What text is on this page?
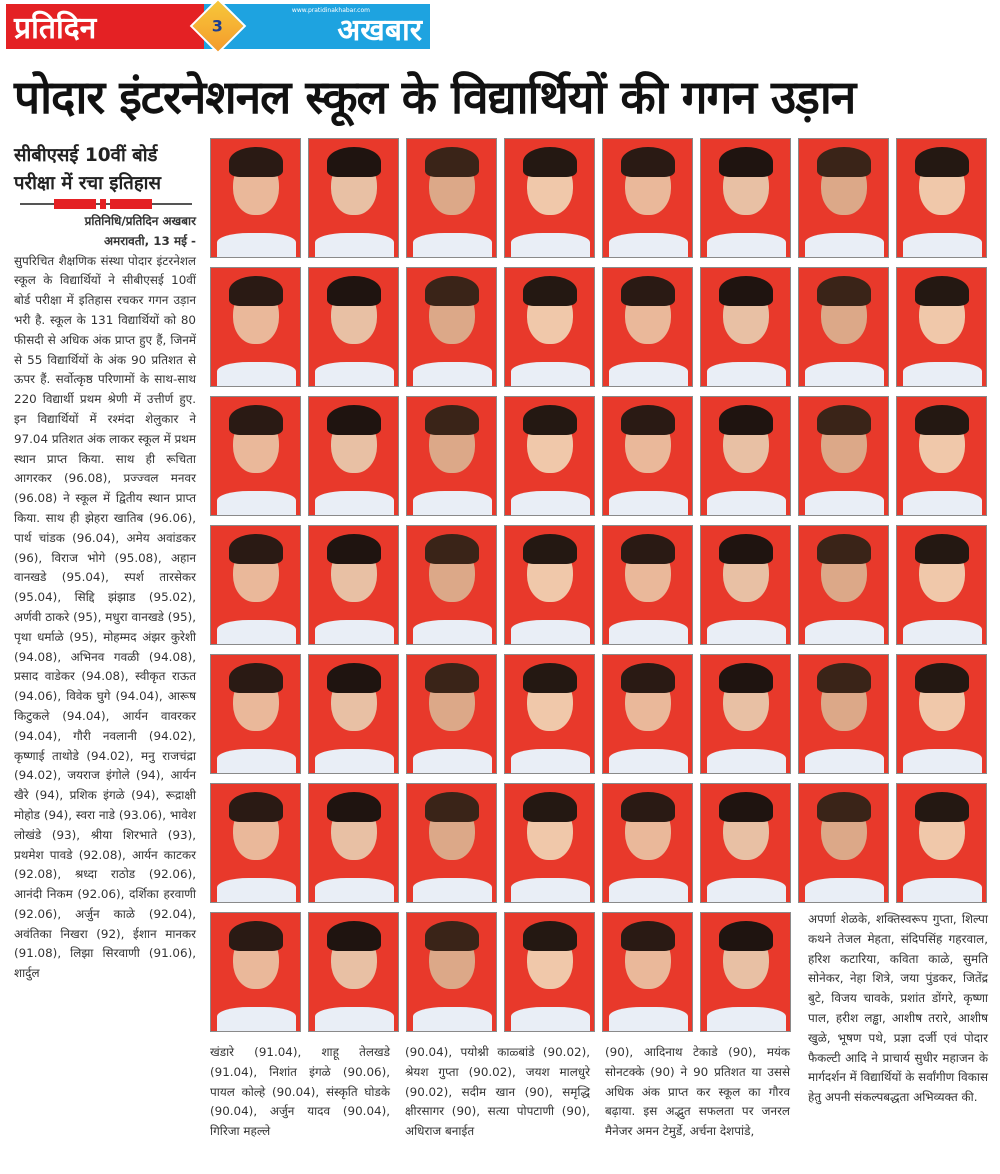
प्रतिदिन
www.pratidinakhabar.com
अखबार
3
पोदार इंटरनेशनल स्कूल के विद्यार्थियों की गगन उड़ान
सीबीएसई 10वीं बोर्ड परीक्षा में रचा इतिहास
प्रतिनिधि/प्रतिदिन अखबार
अमरावती, 13 मई -
सुपरिचित शैक्षणिक संस्था पोदार इंटरनेशल स्कूल के विद्यार्थियों ने सीबीएसई 10वीं बोर्ड परीक्षा में इतिहास रचकर गगन उड़ान भरी है. स्कूल के 131 विद्यार्थियों को 80 फीसदी से अधिक अंक प्राप्त हुए हैं, जिनमें से 55 विद्यार्थियों के अंक 90 प्रतिशत से ऊपर हैं. सर्वोत्कृष्ठ परिणामों के साथ-साथ 220 विद्यार्थी प्रथम श्रेणी में उत्तीर्ण हुए. इन विद्यार्थियों में रश्मंदा शेलुकार ने 97.04 प्रतिशत अंक लाकर स्कूल में प्रथम स्थान प्राप्त किया. साथ ही रूचिता आगरकर (96.08), प्रज्ज्वल मनवर (96.08) ने स्कूल में द्वितीय स्थान प्राप्त किया. साथ ही झेहरा खातिब (96.06), पार्थ चांडक (96.04), अमेय अवांडकर (96), विराज भोगे (95.08), अहान वानखडे (95.04), स्पर्श तारसेकर (95.04), सिद्दि झंझाड (95.02), अर्णवी ठाकरे (95), मधुरा वानखडे (95), पृथा धर्माळे (95), मोहम्मद अंझर कुरेशी (94.08), अभिनव गवळी (94.08), प्रसाद वाडेकर (94.08), स्वीकृत राऊत (94.06), विवेक घुगे (94.04), आरूष किटुकले (94.04), आर्यन वावरकर (94.04), गौरी नवलानी (94.02), कृष्णाई ताथोडे (94.02), मनु राजचंद्रा (94.02), जयराज इंगोले (94), आर्यन खैरे (94), प्रशिक इंगळे (94), रूद्राक्षी मोहोड (94), स्वरा नाडे (93.06), भावेश लोखंडे (93), श्रीया शिरभाते (93), प्रथमेश पावडे (92.08), आर्यन काटकर (92.08), श्रध्दा राठोड (92.06), आनंदी निकम (92.06), दर्शिका हरवाणी (92.06), अर्जुन काळे (92.04), अवंतिका निखरा (92), ईशान मानकर (91.08), लिझा सिरवाणी (91.06), शार्दुल
खंडारे (91.04), शाहू तेलखडे (91.04), निशांत इंगळे (90.06), पायल कोल्हे (90.04), संस्कृति घोडके (90.04), अर्जुन यादव (90.04), गिरिजा महल्ले
(90.04), पयोश्नी काळ्बांडे (90.02), श्रेयश गुप्ता (90.02), जयश मालधुरे (90.02), सदीम खान (90), समृद्धि क्षीरसागर (90), सत्या पोपटाणी (90), अधिराज बनाईत
(90), आदिनाथ टेकाडे (90), मयंक सोनटक्के (90) ने 90 प्रतिशत या उससे अधिक अंक प्राप्त कर स्कूल का गौरव बढ़ाया. इस अद्भुत सफलता पर जनरल मैनेजर अमन टेमुर्डे, अर्चना देशपांडे,
अपर्णा शेळके, शक्तिस्वरूप गुप्ता, शिल्पा कथने तेजल मेहता, संदिपसिंह गहरवाल, हरिश कटारिया, कविता काळे, सुमति सोनेकर, नेहा शित्रे, जया पुंडकर, जितेंद्र बुटे, विजय चावके, प्रशांत डोंगरे, कृष्णा पाल, हरीश लड्ढा, आशीष तरारे, आशीष खुळे, भूषण पथे, प्रज्ञा दर्जी एवं पोदार फैकल्टी आदि ने प्राचार्य सुधीर महाजन के मार्गदर्शन में विद्यार्थियों के सर्वांगीण विकास हेतु अपनी संकल्पबद्धता अभिव्यक्त की.
